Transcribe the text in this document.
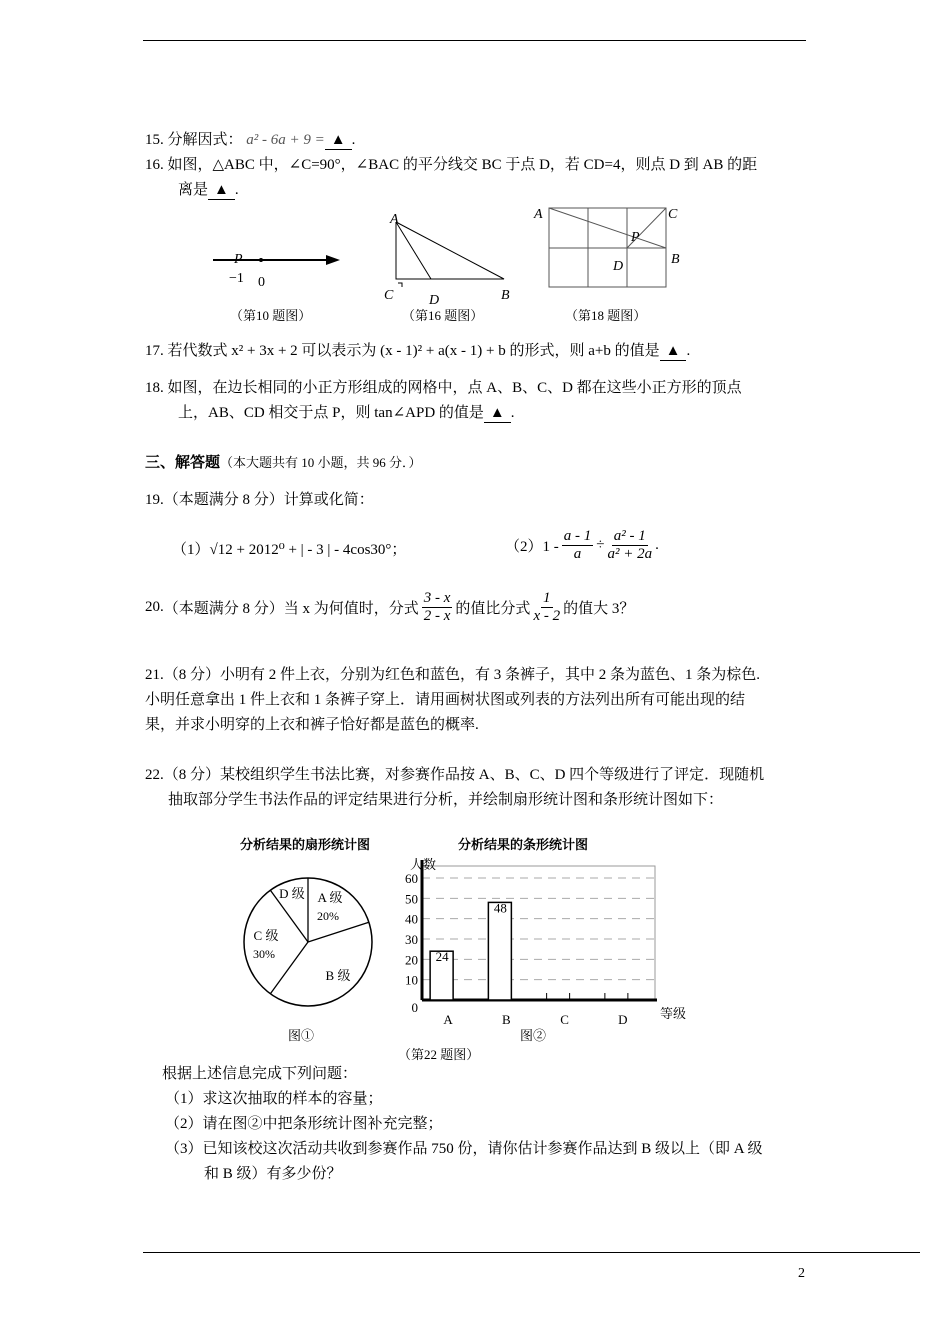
15. 分解因式： a² - 6a + 9 = ▲ .
16. 如图，△ABC 中，∠C=90°，∠BAC 的平分线交 BC 于点 D，若 CD=4，则点 D 到 AB 的距
离是 ▲ .
P
−1 0
（第10 题图）
A
C	D	B
（第16 题图）
A	C
P
B
D
（第18 题图）
17. 若代数式 x² + 3x + 2 可以表示为 (x - 1)² + a(x - 1) + b 的形式，则 a+b 的值是 ▲ .
18. 如图，在边长相同的小正方形组成的网格中，点 A、B、C、D 都在这些小正方形的顶点
上，AB、CD 相交于点 P，则 tan∠APD 的值是 ▲ .
三、解答题（本大题共有 10 小题，共 96 分．）
19.（本题满分 8 分）计算或化简：
（1）√12 + 2012⁰ + | - 3 | - 4cos30°；	$(2)1 - \frac{a - 1}{a} \div \frac{\text{a² - 1}}{\text{a² + 2a}}$ .
20. （本题满分 8 分）当 x 为何值时，分式 $\frac{3 - x}{2 - x}$ 的值比分式 $\frac{1}{x - 2}$ 的值大 3？
21.（8 分）小明有 2 件上衣，分别为红色和蓝色，有 3 条裤子，其中 2 条为蓝色、1 条为棕色.
小明任意拿出 1 件上衣和 1 条裤子穿上．请用画树状图或列表的方法列出所有可能出现的结
果，并求小明穿的上衣和裤子恰好都是蓝色的概率.
22.（8 分）某校组织学生书法比赛，对参赛作品按 A、B、C、D 四个等级进行了评定．现随机
抽取部分学生书法作品的评定结果进行分析，并绘制扇形统计图和条形统计图如下：
分析结果的扇形统计图
A 级
20%
B 级
C 级
30%
D 级
图①
分析结果的条形统计图
0
10
20
30
40
50
60
人数
等级
A
24
B
48
C	D
图②
（第22 题图）
根据上述信息完成下列问题：
（1）求这次抽取的样本的容量；
（2）请在图②中把条形统计图补充完整；
（3）已知该校这次活动共收到参赛作品 750 份，请你估计参赛作品达到 B 级以上（即 A 级
和 B 级）有多少份？
2
